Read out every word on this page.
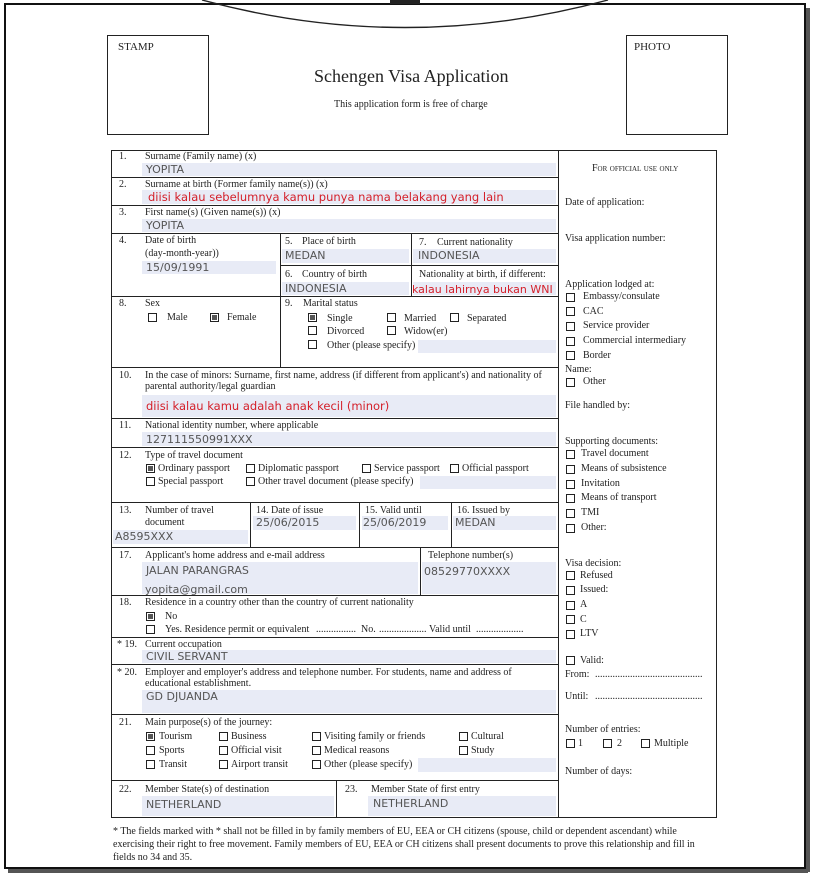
STAMP	PHOTO
Schengen Visa Application
This application form is free of charge
1. Surname (Family name) (x)
YOPITA
2. Surname at birth (Former family name(s)) (x)
diisi kalau sebelumnya kamu punya nama belakang yang lain
3. First name(s) (Given name(s)) (x)
YOPITA
4. Date of birth
(day-month-year))
15/09/1991
5. Place of birth
MEDAN
6. Country of birth
INDONESIA
7. Current nationality
INDONESIA
Nationality at birth, if different:
kalau lahirnya bukan WNI
8. Sex
Male	Female
9. Marital status
Single	Married	Separated
Divorced	Widow(er)
Other (please specify)
10. In the case of minors: Surname, first name, address (if different from applicant's) and nationality of
parental authority/legal guardian
diisi kalau kamu adalah anak kecil (minor)
11. National identity number, where applicable
127111550991XXX
12. Type of travel document
Ordinary passport	Diplomatic passport	Service passport Official passport
Special passport	Other travel document (please specify)
13. Number of travel
document
A8595XXX
14. Date of issue
25/06/2015
15. Valid until
25/06/2019
16. Issued by
MEDAN
17. Applicant's home address and e-mail address
JALAN PARANGRAS
yopita@gmail.com
Telephone number(s)
08529770XXXX
18. Residence in a country other than the country of current nationality
No
Yes. Residence permit or equivalent ................ No. ................... Valid until ...................
* 19. Current occupation
CIVIL SERVANT
* 20. Employer and employer's address and telephone number. For students, name and address of
educational establishment.
GD DJUANDA
21. Main purpose(s) of the journey:
Tourism	Business	Visiting family or friends	Cultural
Sports	Official visit	Medical reasons	Study
Transit	Airport transit	Other (please specify)
22. Member State(s) of destination
NETHERLAND
23. Member State of first entry
NETHERLAND
For official use only
Date of application:
Visa application number:
Application lodged at:
Embassy/consulate
CAC
Service provider
Commercial intermediary
Border
Name:
Other
File handled by:
Supporting documents:
Travel document
Means of subsistence
Invitation
Means of transport
TMI
Other:
Visa decision:
Refused
Issued:
A
C
LTV
Valid:
From: ...........................................
Until: ...........................................
Number of entries:
1	2	Multiple
Number of days:
* The fields marked with * shall not be filled in by family members of EU, EEA or CH citizens (spouse, child or dependent ascendant) while
exercising their right to free movement. Family members of EU, EEA or CH citizens shall present documents to prove this relationship and fill in
fields no 34 and 35.
